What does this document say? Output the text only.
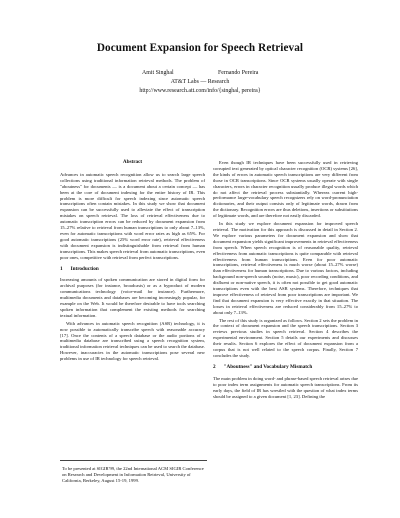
Document Expansion for Speech Retrieval
Amit Singhal	Fernando Pereira
AT&T Labs — Research
http://www.research.att.com/info/{singhal, pereira}
Abstract

Advances in automatic speech recognition allow us to search large speech collections using traditional information retrieval methods. The problem of "aboutness" for documents — is a document about a certain concept — has been at the core of document indexing for the entire history of IR. This problem is more difficult for speech indexing since automatic speech transcriptions often contain mistakes. In this study we show that document expansion can be successfully used to alleviate the effect of transcription mistakes on speech retrieval. The loss of retrieval effectiveness due to automatic transcription errors can be reduced by document expansion from 15–27% relative to retrieval from human transcriptions to only about 7–13%, even for automatic transcriptions with word error rates as high as 65%. For good automatic transcriptions (25% word error rate), retrieval effectiveness with document expansion is indistinguishable from retrieval from human transcriptions. This makes speech retrieval from automatic transcriptions, even poor ones, competitive with retrieval from perfect transcriptions.

1 Introduction

Increasing amounts of spoken communication are stored in digital form for archival purposes (for instance, broadcasts) or as a byproduct of modern communications technology (voice-mail for instance). Furthermore, multimedia documents and databases are becoming increasingly popular, for example on the Web. It would be therefore desirable to have tools searching spoken information that complement the existing methods for searching textual information.

With advances in automatic speech recognition (ASR) technology, it is now possible to automatically transcribe speech with reasonable accuracy [17]. Once the contents of a speech database or the audio portions of a multimedia database are transcribed using a speech recognition system, traditional information retrieval techniques can be used to search the database. However, inaccuracies in the automatic transcriptions pose several new problems in use of IR technology for speech retrieval.

To be presented at SIGIR'99, the 22nd International ACM SIGIR Conference on Research and Development in Information Retrieval, University of California, Berkeley, August 15-19, 1999.

Even though IR techniques have been successfully used in retrieving corrupted text generated by optical character recognition (OCR) systems [26], the kinds of errors in automatic speech transcriptions are very different from those in OCR transcriptions. Since OCR systems usually operate with single characters, errors in character recognition usually produce illegal words which do not affect the retrieval process substantially. Whereas current high-performance large-vocabulary speech recognizers rely on word-pronunciation dictionaries, and their output consists only of legitimate words, drawn from the dictionary. Recognition errors are thus deletions, insertions or substitutions of legitimate words, and are therefore not easily discarded.

In this study we explore document expansion for improved speech retrieval. The motivation for this approach is discussed in detail in Section 2. We explore various parameters for document expansion and show that document expansion yields significant improvements in retrieval effectiveness from speech. When speech recognition is of reasonable quality, retrieval effectiveness from automatic transcriptions is quite comparable with retrieval effectiveness from human transcriptions. Even for poor automatic transcriptions, retrieval effectiveness is much worse (about 15–27% worse) than effectiveness for human transcriptions. Due to various factors, including background non-speech sounds (noise, music), poor recording conditions, and disfluent or non-native speech, it is often not possible to get good automatic transcriptions even with the best ASR systems. Therefore, techniques that improve effectiveness of retrieval from poor transcriptions are important. We find that document expansion is very effective exactly in that situation. The losses in retrieval effectiveness are reduced considerably from 15–27% to about only 7–13%.

The rest of this study is organized as follows. Section 2 sets the problem in the context of document expansion and the speech transcriptions. Section 3 reviews previous studies in speech retrieval. Section 4 describes the experimental environment. Section 5 details our experiments and discusses their results. Section 6 explores the effect of document expansion from a corpus that is not well related to the speech corpus. Finally, Section 7 concludes the study.

2 "Aboutness" and Vocabulary Mismatch

The main problem in doing word- and phrase-based speech retrieval arises due to poor index term assignments for automatic speech transcriptions. From its early days, the field of IR has wrestled with the question of what index terms should be assigned to a given document [1, 23]. Defining the
